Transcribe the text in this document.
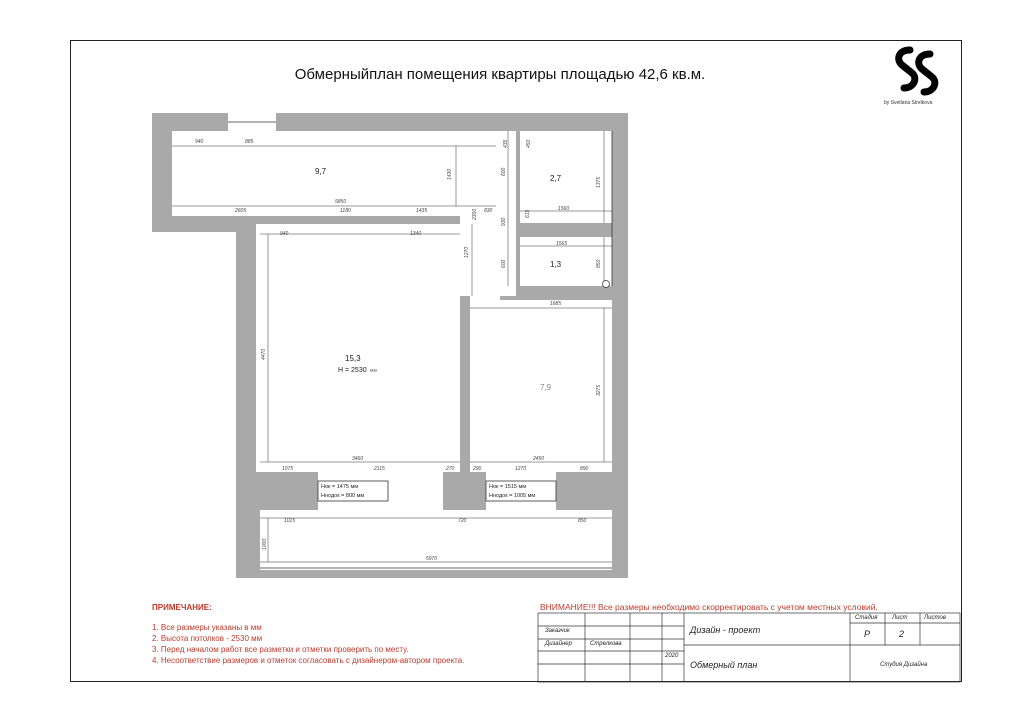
Обмерныйплан помещения квартиры площадью 42,6 кв.м.
by Svetlana Strelkova
9,7
2,7
1,3
15,3
H = 2530 мм
7,9
940	885
5850
2605	1180	1435
1430
2300 830
600
930
435	450
1375
615
1560
1565
850
600
1270
940	1340
4470
1685
3275
3460
1075	2115	270
2450
290	1270	890
1015	720	850
1000
5970
Нок = 1475 мм
Ннодок = 800 мм
Нок = 1515 мм
Ннодок = 1005 мм
ПРИМЕЧАНИЕ:
1. Все размеры указаны в мм
2. Высота потолков - 2530 мм
3. Перед началом работ все разметки и отметки проверить по месту.
4. Несоответствие размеров и отметок согласовать с дизайнером-автором проекта.
ВНИМАНИЕ!!! Все размеры необходимо скорректировать с учетом местных условий.
Заказчик
Дизайнер	Стрелкова
2020
Дизайн - проект
Обмерный план
Стадия Лист	Листов
Р	2
Студия Дизайна
